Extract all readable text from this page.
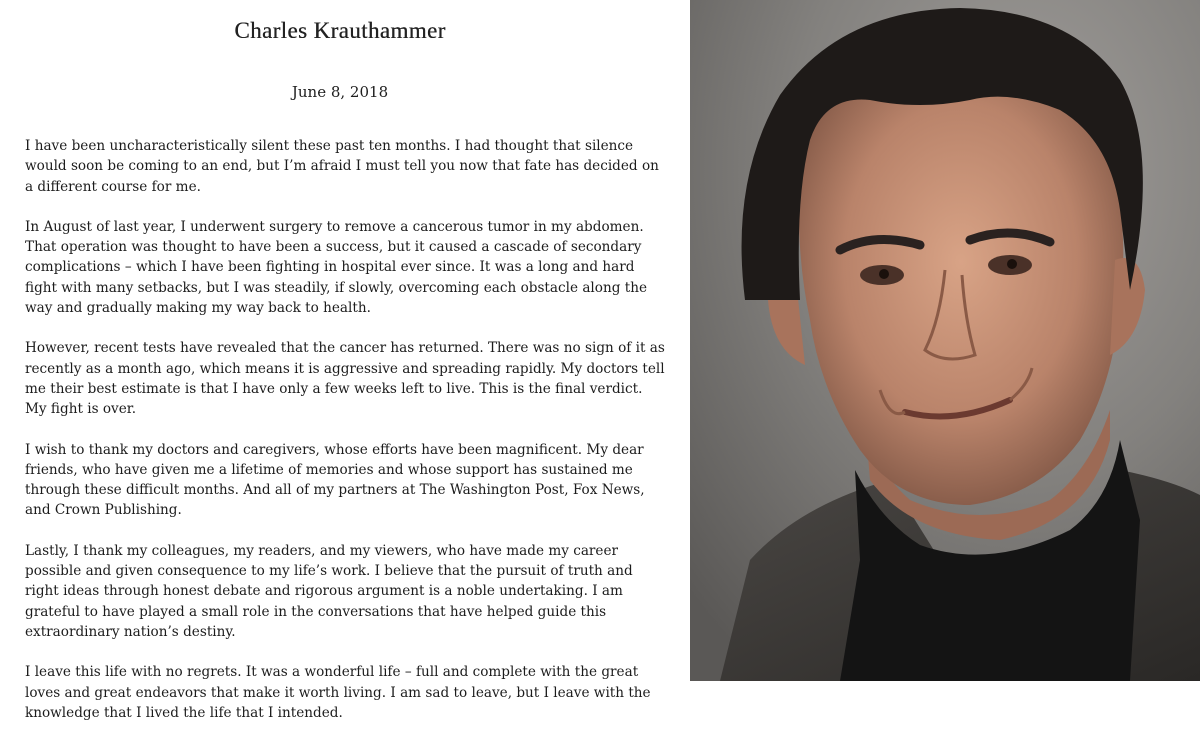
Charles Krauthammer
June 8, 2018

I have been uncharacteristically silent these past ten months. I had thought that silence would soon be coming to an end, but I’m afraid I must tell you now that fate has decided on a different course for me.

In August of last year, I underwent surgery to remove a cancerous tumor in my abdomen. That operation was thought to have been a success, but it caused a cascade of secondary complications – which I have been fighting in hospital ever since. It was a long and hard fight with many setbacks, but I was steadily, if slowly, overcoming each obstacle along the way and gradually making my way back to health.

However, recent tests have revealed that the cancer has returned. There was no sign of it as recently as a month ago, which means it is aggressive and spreading rapidly. My doctors tell me their best estimate is that I have only a few weeks left to live. This is the final verdict. My fight is over.

I wish to thank my doctors and caregivers, whose efforts have been magnificent. My dear friends, who have given me a lifetime of memories and whose support has sustained me through these difficult months. And all of my partners at The Washington Post, Fox News, and Crown Publishing.

Lastly, I thank my colleagues, my readers, and my viewers, who have made my career possible and given consequence to my life’s work. I believe that the pursuit of truth and right ideas through honest debate and rigorous argument is a noble undertaking. I am grateful to have played a small role in the conversations that have helped guide this extraordinary nation’s destiny.

I leave this life with no regrets. It was a wonderful life – full and complete with the great loves and great endeavors that make it worth living. I am sad to leave, but I leave with the knowledge that I lived the life that I intended.
